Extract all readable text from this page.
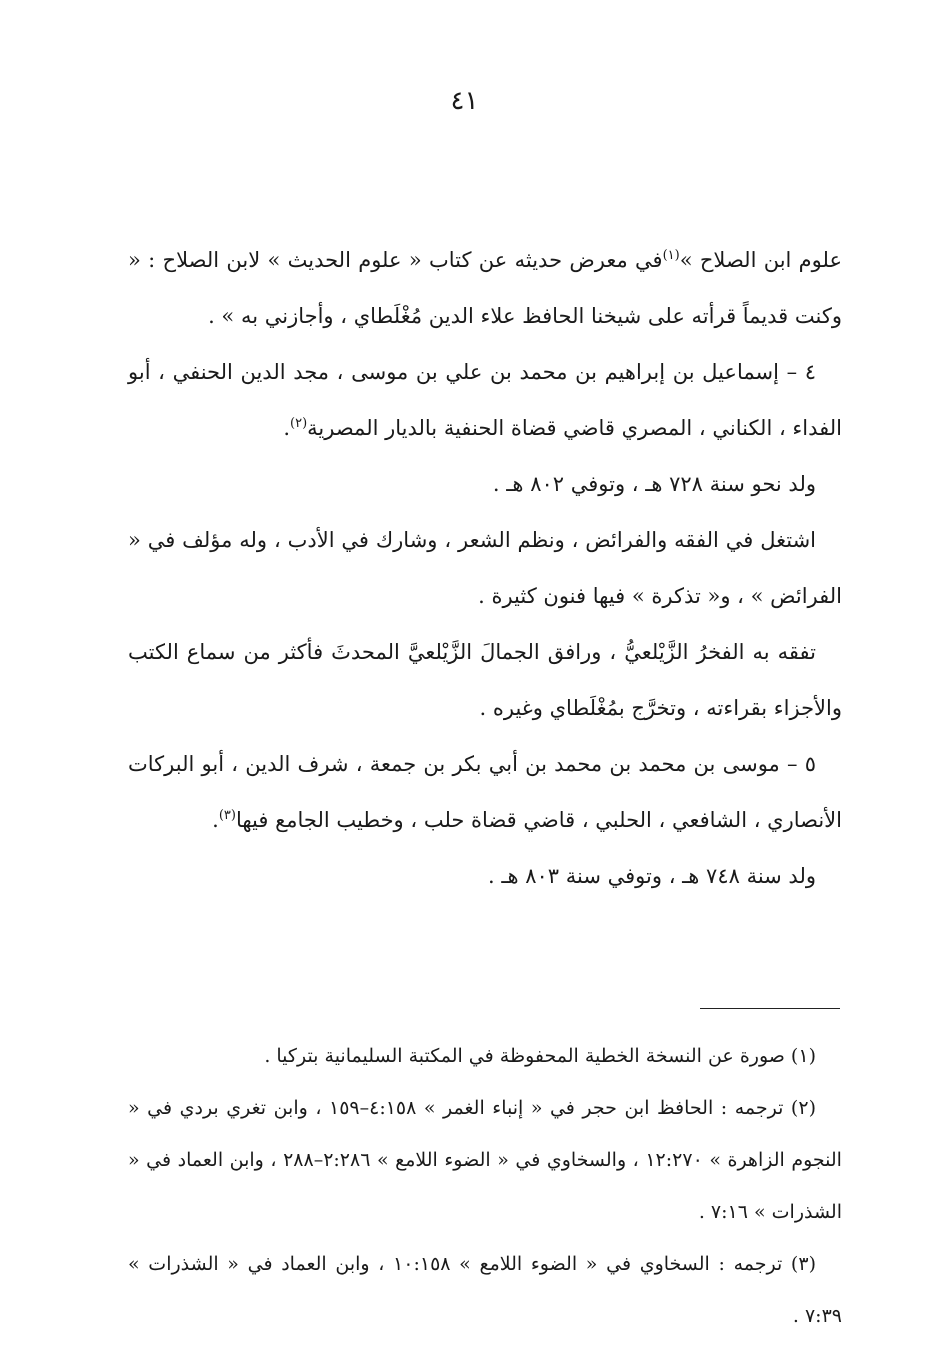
٤١

علوم ابن الصلاح »$^{(١)}$في معرض حديثه عن كتاب « علوم الحديث » لابن الصلاح : « وكنت قديماً قرأته على شيخنا الحافظ علاء الدين مُغْلَطاي ، وأجازني به » .

٤ – إسماعيل بن إبراهيم بن محمد بن علي بن موسى ، مجد الدين الحنفي ، أبو الفداء ، الكناني ، المصري قاضي قضاة الحنفية بالديار المصرية$^{(٢)}$.

ولد نحو سنة ٧٢٨ هـ ، وتوفي ٨٠٢ هـ .

اشتغل في الفقه والفرائض ، ونظم الشعر ، وشارك في الأدب ، وله مؤلف في « الفرائض » ، و« تذكرة » فيها فنون كثيرة .

تفقه به الفخرُ الزَّيْلعيُّ ، ورافق الجمالَ الزَّيْلعيَّ المحدثَ فأكثر من سماع الكتب والأجزاء بقراءته ، وتخرَّج بمُغْلَطاي وغيره .

٥ – موسى بن محمد بن محمد بن أبي بكر بن جمعة ، شرف الدين ، أبو البركات الأنصاري ، الشافعي ، الحلبي ، قاضي قضاة حلب ، وخطيب الجامع فيها$^{(٣)}$.

ولد سنة ٧٤٨ هـ ، وتوفي سنة ٨٠٣ هـ .

(١) صورة عن النسخة الخطية المحفوظة في المكتبة السليمانية بتركيا .

(٢) ترجمه : الحافظ ابن حجر في « إنباء الغمر » ٤:١٥٨–١٥٩ ، وابن تغري بردي في « النجوم الزاهرة » ١٢:٢٧٠ ، والسخاوي في « الضوء اللامع » ٢:٢٨٦–٢٨٨ ، وابن العماد في « الشذرات » ٧:١٦ .

(٣) ترجمه : السخاوي في « الضوء اللامع » ١٠:١٥٨ ، وابن العماد في « الشذرات » ٧:٣٩ .
